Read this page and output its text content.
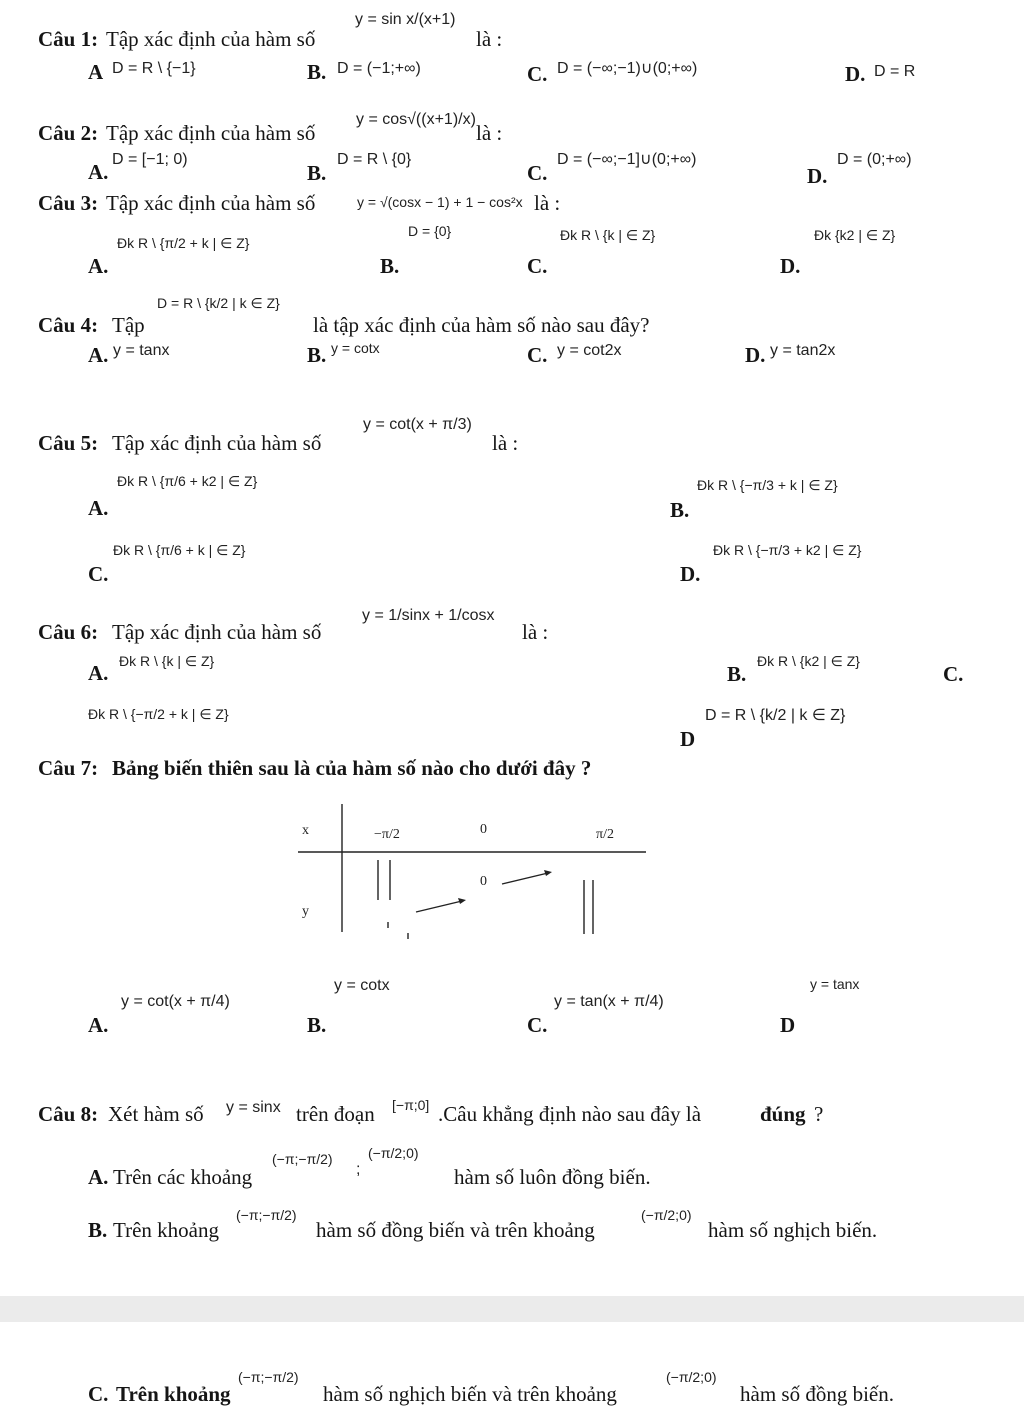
Câu 1: Tập xác định của hàm số
y = sin x/(x+1)
là :
A D = R \ {−1}	B. D = (−1;+∞)	C. D = (−∞;−1)∪(0;+∞)	D. D = R
Câu 2: Tập xác định của hàm số
y = cos√((x+1)/x)
là :
A.
D = [−1; 0)
B.
D = R \ {0}
C.
D = (−∞;−1]∪(0;+∞)
D.
D = (0;+∞)
Câu 3: Tập xác định của hàm số	y = √(cosx − 1) + 1 − cos²x là :
A.
Đk R \ {π/2 + k | ∈ Z}
B.
D = {0}
C.
Đk R \ {k | ∈ Z}
D.
Đk {k2 | ∈ Z}
Câu 4: Tập
D = R \ {k/2 | k ∈ Z}
là tập xác định của hàm số nào sau đây?
A. y = tanx	B. y = cotx	C. y = cot2x	D. y = tan2x
Câu 5: Tập xác định của hàm số
y = cot(x + π/3)
là :
A.
Đk R \ {π/6 + k2 | ∈ Z}
B.
Đk R \ {−π/3 + k | ∈ Z}
C.
Đk R \ {π/6 + k | ∈ Z}
D.
Đk R \ {−π/3 + k2 | ∈ Z}
Câu 6: Tập xác định của hàm số
y = 1/sinx + 1/cosx
là :
A. Đk R \ {k | ∈ Z}
B.
Đk R \ {k2 | ∈ Z}
C.
Đk R \ {−π/2 + k | ∈ Z}
D
D = R \ {k/2 | k ∈ Z}
Câu 7: Bảng biến thiên sau là của hàm số nào cho dưới đây ?
x
y
−π/2	0	π/2
0
A.
y = cot(x + π/4)
B.
y = cotx
C.
y = tan(x + π/4)
D
y = tanx
Câu 8: Xét hàm số y = sinx trên đoạn [−π;0] .Câu khẳng định nào sau đây là	đúng ?
A. Trên các khoảng
(−π;−π/2)
;
(−π/2;0)
hàm số luôn đồng biến.
B. Trên khoảng
(−π;−π/2)
hàm số đồng biến và trên khoảng
(−π/2;0)
hàm số nghịch biến.
C. Trên khoảng
(−π;−π/2)
hàm số nghịch biến và trên khoảng
(−π/2;0)
hàm số đồng biến.
